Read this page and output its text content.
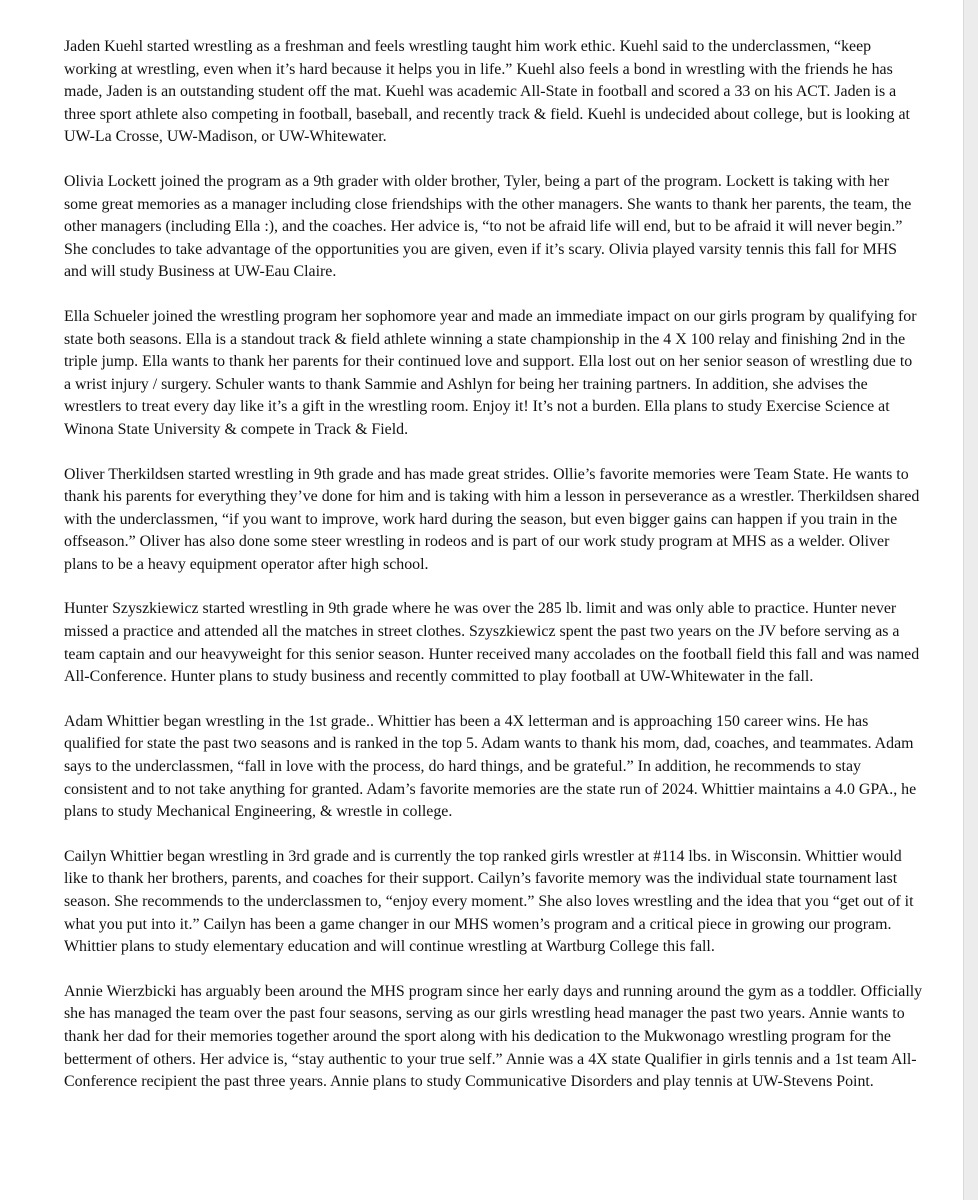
Jaden Kuehl started wrestling as a freshman and feels wrestling taught him work ethic. Kuehl said to the underclassmen, “keep working at wrestling, even when it’s hard because it helps you in life.” Kuehl also feels a bond in wrestling with the friends he has made, Jaden is an outstanding student off the mat. Kuehl was academic All-State in football and scored a 33 on his ACT. Jaden is a three sport athlete also competing in football, baseball, and recently track & field. Kuehl is undecided about college, but is looking at UW-La Crosse, UW-Madison, or UW-Whitewater.

Olivia Lockett joined the program as a 9th grader with older brother, Tyler, being a part of the program. Lockett is taking with her some great memories as a manager including close friendships with the other managers. She wants to thank her parents, the team, the other managers (including Ella :), and the coaches. Her advice is, “to not be afraid life will end, but to be afraid it will never begin.” She concludes to take advantage of the opportunities you are given, even if it’s scary. Olivia played varsity tennis this fall for MHS and will study Business at UW-Eau Claire.

Ella Schueler joined the wrestling program her sophomore year and made an immediate impact on our girls program by qualifying for state both seasons. Ella is a standout track & field athlete winning a state championship in the 4 X 100 relay and finishing 2nd in the triple jump. Ella wants to thank her parents for their continued love and support. Ella lost out on her senior season of wrestling due to a wrist injury / surgery. Schuler wants to thank Sammie and Ashlyn for being her training partners. In addition, she advises the wrestlers to treat every day like it’s a gift in the wrestling room. Enjoy it! It’s not a burden. Ella plans to study Exercise Science at Winona State University & compete in Track & Field.

Oliver Therkildsen started wrestling in 9th grade and has made great strides. Ollie’s favorite memories were Team State. He wants to thank his parents for everything they’ve done for him and is taking with him a lesson in perseverance as a wrestler. Therkildsen shared with the underclassmen, “if you want to improve, work hard during the season, but even bigger gains can happen if you train in the offseason.” Oliver has also done some steer wrestling in rodeos and is part of our work study program at MHS as a welder. Oliver plans to be a heavy equipment operator after high school.

Hunter Szyszkiewicz started wrestling in 9th grade where he was over the 285 lb. limit and was only able to practice. Hunter never missed a practice and attended all the matches in street clothes. Szyszkiewicz spent the past two years on the JV before serving as a team captain and our heavyweight for this senior season. Hunter received many accolades on the football field this fall and was named All-Conference. Hunter plans to study business and recently committed to play football at UW-Whitewater in the fall.

Adam Whittier began wrestling in the 1st grade.. Whittier has been a 4X letterman and is approaching 150 career wins. He has qualified for state the past two seasons and is ranked in the top 5. Adam wants to thank his mom, dad, coaches, and teammates. Adam says to the underclassmen, “fall in love with the process, do hard things, and be grateful.” In addition, he recommends to stay consistent and to not take anything for granted. Adam’s favorite memories are the state run of 2024. Whittier maintains a 4.0 GPA., he plans to study Mechanical Engineering, & wrestle in college.

Cailyn Whittier began wrestling in 3rd grade and is currently the top ranked girls wrestler at #114 lbs. in Wisconsin. Whittier would like to thank her brothers, parents, and coaches for their support. Cailyn’s favorite memory was the individual state tournament last season. She recommends to the underclassmen to, “enjoy every moment.” She also loves wrestling and the idea that you “get out of it what you put into it.” Cailyn has been a game changer in our MHS women’s program and a critical piece in growing our program. Whittier plans to study elementary education and will continue wrestling at Wartburg College this fall.

Annie Wierzbicki has arguably been around the MHS program since her early days and running around the gym as a toddler. Officially she has managed the team over the past four seasons, serving as our girls wrestling head manager the past two years. Annie wants to thank her dad for their memories together around the sport along with his dedication to the Mukwonago wrestling program for the betterment of others. Her advice is, “stay authentic to your true self.” Annie was a 4X state Qualifier in girls tennis and a 1st team All-Conference recipient the past three years. Annie plans to study Communicative Disorders and play tennis at UW-Stevens Point.
